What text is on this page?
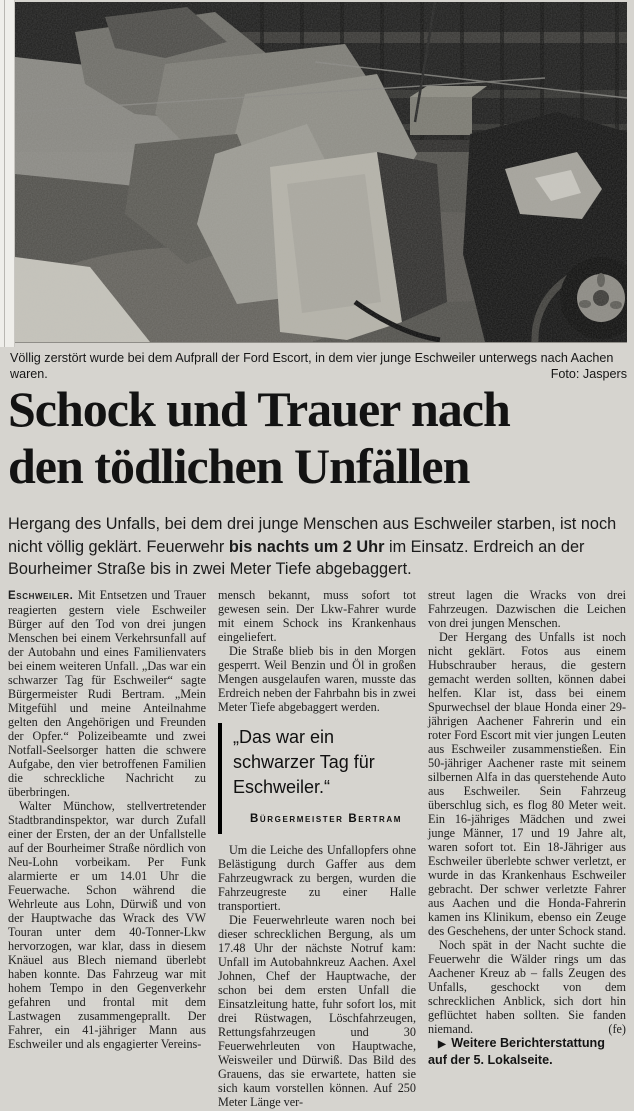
Völlig zerstört wurde bei dem Aufprall der Ford Escort, in dem vier junge Eschweiler unterwegs nach Aachen waren.	Foto: Jaspers

Schock und Trauer nach
den tödlichen Unfällen

Hergang des Unfalls, bei dem drei junge Menschen aus Eschweiler starben, ist noch nicht völlig geklärt. Feuerwehr bis nachts um 2 Uhr im Einsatz. Erdreich an der Bourheimer Straße bis in zwei Meter Tiefe abgebaggert.

Eschweiler. Mit Entsetzen und Trauer reagierten gestern viele Eschweiler Bürger auf den Tod von drei jungen Menschen bei einem Verkehrsunfall auf der Autobahn und eines Familienvaters bei einem weiteren Unfall. „Das war ein schwarzer Tag für Eschweiler“ sagte Bürgermeister Rudi Bertram. „Mein Mitgefühl und meine Anteilnahme gelten den Angehörigen und Freunden der Opfer.“ Polizeibeamte und zwei Notfall-Seelsorger hatten die schwere Aufgabe, den vier betroffenen Familien die schreckliche Nachricht zu überbringen.

Walter Münchow, stellvertretender Stadtbrandinspektor, war durch Zufall einer der Ersten, der an der Unfallstelle auf der Bourheimer Straße nördlich von Neu-Lohn vorbeikam. Per Funk alarmierte er um 14.01 Uhr die Feuerwache. Schon während die Wehrleute aus Lohn, Dürwiß und von der Hauptwache das Wrack des VW Touran unter dem 40-Tonner-Lkw hervorzogen, war klar, dass in diesem Knäuel aus Blech niemand überlebt haben konnte. Das Fahrzeug war mit hohem Tempo in den Gegenverkehr gefahren und frontal mit dem Lastwagen zusammengeprallt. Der Fahrer, ein 41-jähriger Mann aus Eschweiler und als engagierter Vereins-

mensch bekannt, muss sofort tot gewesen sein. Der Lkw-Fahrer wurde mit einem Schock ins Krankenhaus eingeliefert.

Die Straße blieb bis in den Morgen gesperrt. Weil Benzin und Öl in großen Mengen ausgelaufen waren, musste das Erdreich neben der Fahrbahn bis in zwei Meter Tiefe abgebaggert werden.

„Das war ein schwarzer Tag für Eschweiler.“
Bürgermeister Bertram

Um die Leiche des Unfallopfers ohne Belästigung durch Gaffer aus dem Fahrzeugwrack zu bergen, wurden die Fahrzeugreste zu einer Halle transportiert.

Die Feuerwehrleute waren noch bei dieser schrecklichen Bergung, als um 17.48 Uhr der nächste Notruf kam: Unfall im Autobahnkreuz Aachen. Axel Johnen, Chef der Hauptwache, der schon bei dem ersten Unfall die Einsatzleitung hatte, fuhr sofort los, mit drei Rüstwagen, Löschfahrzeugen, Rettungsfahrzeugen und 30 Feuerwehrleuten von Hauptwache, Weisweiler und Dürwiß. Das Bild des Grauens, das sie erwartete, hatten sie sich kaum vorstellen können. Auf 250 Meter Länge ver-

streut lagen die Wracks von drei Fahrzeugen. Dazwischen die Leichen von drei jungen Menschen.

Der Hergang des Unfalls ist noch nicht geklärt. Fotos aus einem Hubschrauber heraus, die gestern gemacht werden sollten, können dabei helfen. Klar ist, dass bei einem Spurwechsel der blaue Honda einer 29-jährigen Aachener Fahrerin und ein roter Ford Escort mit vier jungen Leuten aus Eschweiler zusammenstießen. Ein 50-jähriger Aachener raste mit seinem silbernen Alfa in das querstehende Auto aus Eschweiler. Sein Fahrzeug überschlug sich, es flog 80 Meter weit. Ein 16-jähriges Mädchen und zwei junge Männer, 17 und 19 Jahre alt, waren sofort tot. Ein 18-Jähriger aus Eschweiler überlebte schwer verletzt, er wurde in das Krankenhaus Eschweiler gebracht. Der schwer verletzte Fahrer aus Aachen und die Honda-Fahrerin kamen ins Klinikum, ebenso ein Zeuge des Geschehens, der unter Schock stand.

Noch spät in der Nacht suchte die Feuerwehr die Wälder rings um das Aachener Kreuz ab – falls Zeugen des Unfalls, geschockt von dem schrecklichen Anblick, sich dort hin geflüchtet haben sollten. Sie fanden niemand.	(fe)

▶ Weitere Berichterstattung auf der 5. Lokalseite.
